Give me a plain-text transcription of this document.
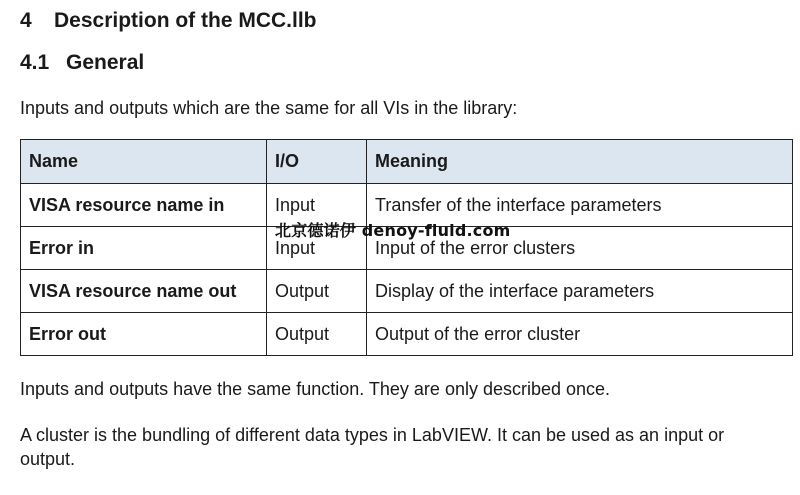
4 Description of the MCC.llb
4.1 General

Inputs and outputs which are the same for all VIs in the library:

Name	I/O	Meaning
VISA resource name in	Input	Transfer of the interface parameters
Error in	Input	Input of the error clusters
VISA resource name out	Output	Display of the interface parameters
Error out	Output	Output of the error cluster
北京德诺伊 denoy-fluid.com

Inputs and outputs have the same function. They are only described once.

A cluster is the bundling of different data types in LabVIEW. It can be used as an input or output.
